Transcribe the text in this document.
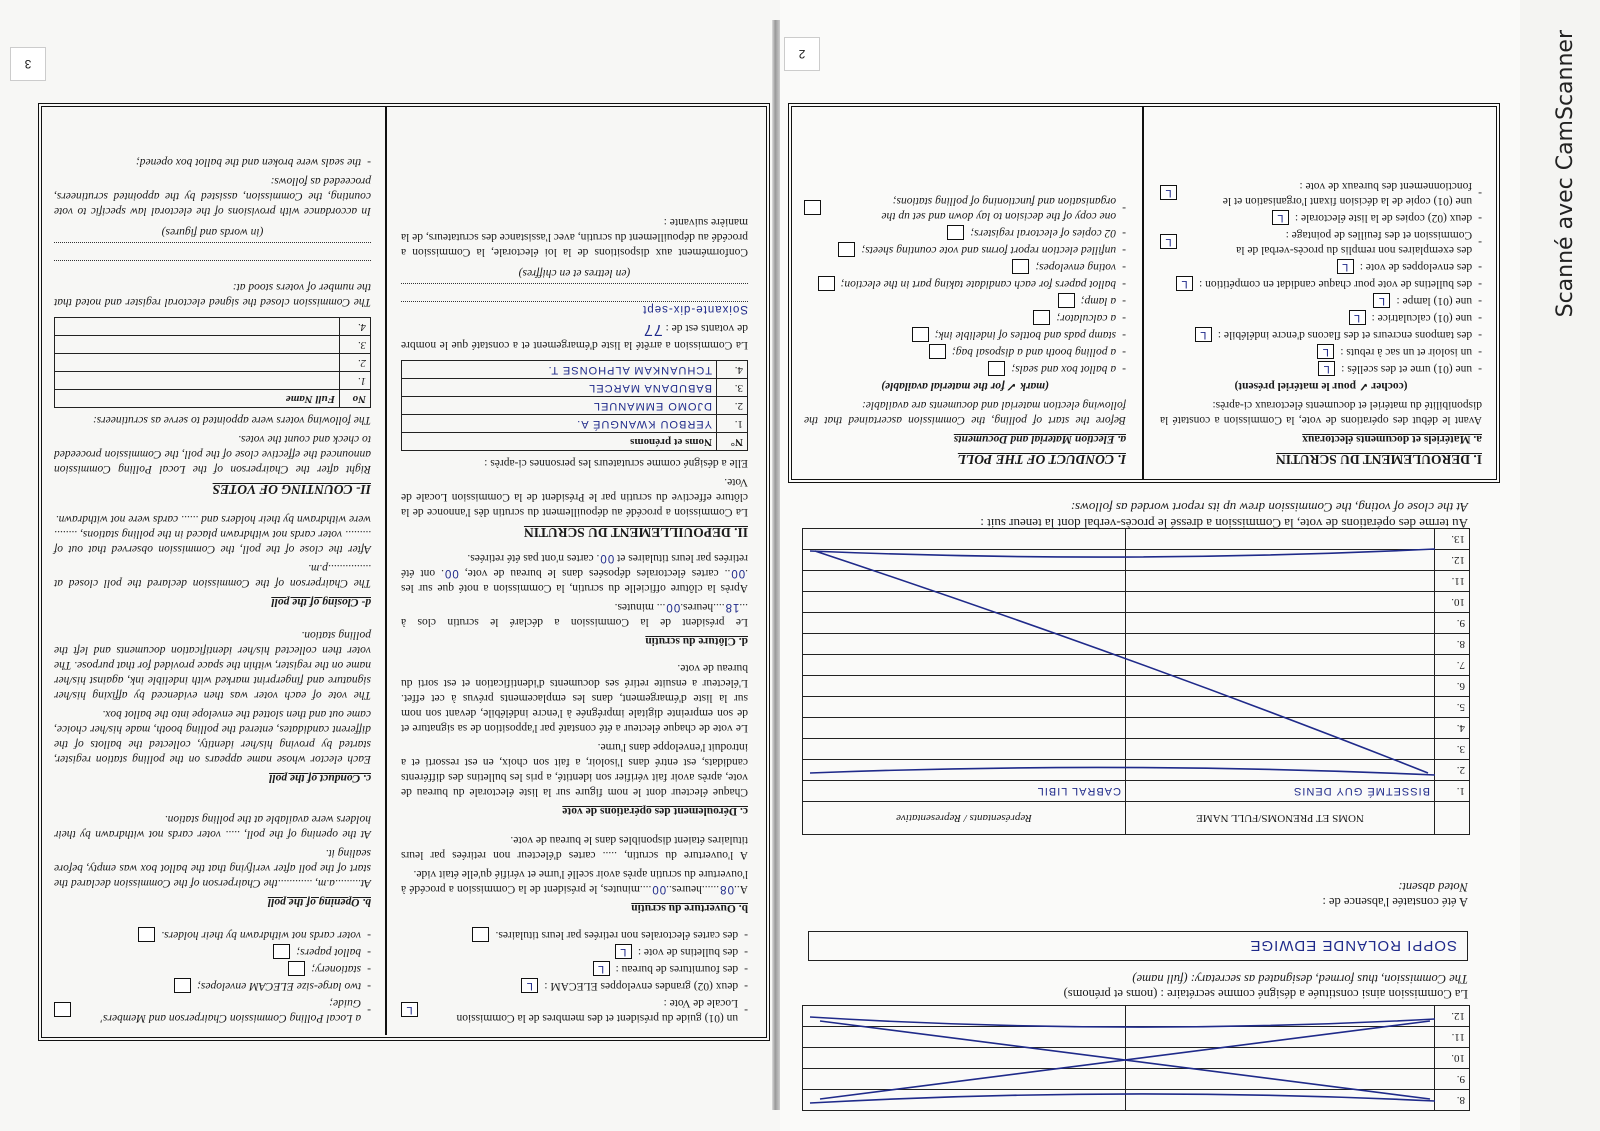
Scanné avec CamScanner
3
- a Local Polling Commission Chairperson and Members' Guide;
- two large-size ELECAM envelopes;
- stationery;
- ballot papers;
- voter cards not withdrawn by their holders.
b. Opening of the poll
At.........a.m, ............the Chairperson of the Commission declared the start of the poll after verifying that the ballot box was empty, before sealing it.
At the opening of the poll, ..... voter cards not withdrawn by their holders were available at the polling station.
c. Conduct of the poll
Each elector whose name appears on the polling station register, started by proving his/her identity, collected the ballots of the different candidates, entered the polling booth, made his/her choice, came out and then slotted the envelope into the ballot box.
The vote of each voter was then evidenced by affixing his/her signature and fingerprint marked with indelible ink, against his/her name on the register, within the space provided for that purpose. The voter then collected his/her identification documents and left the polling station.
d- Closing of the poll
The Chairperson of the Commission declared the poll closed at ...............p.m.
After the close of the poll, the Commission observed that out of ......... voter cards not withdrawn placed in the polling stations, ........ were withdrawn by their holders and ...... cards were not withdrawn.
II- COUNTING OF VOTES
Right after the Chairperson of the Local Polling Commission announced the effective close of the poll, the Commission proceeded to check and count the votes.
The following voters were appointed to serve as scrutineers:
No	Full Name
1.	
2.	
3.	
4.	
The Commission closed the signed electoral register and noted that the number of voters stood at:
(in words and figures)
In accordance with provisions of the electoral law specific to vote counting, the Commission, assisted by the appointed scrutineers, proceeded as follows:
- the seals were broken and the ballot box opened;
- un (01) guide du président et des membres de la Commission Locale de Vote :
L
- deux (02) grandes enveloppes ELECAM :
L
- des fournitures de bureau :
L
- des bulletins de vote :
L
- des cartes électorales non retirées par leurs titulaires.
b. Ouverture du scrutin
A..08......heures..00....minutes, le président de la Commission a procédé à l'ouverture du scrutin après avoir scellé l'urne et vérifié qu'elle était vide.
A l'ouverture du scrutin, ..... cartes d'électeur non retirées par leurs titulaires étaient disponibles dans le bureau de vote.
c. Déroulement des opérations de vote
Chaque électeur dont le nom figure sur la liste électorale du bureau de vote, après avoir fait vérifier son identité, a pris les bulletins des différents candidats, est entré dans l'isoloir, a fait son choix, en est ressorti et a introduit l'enveloppe dans l'urne.
Le vote de chaque électeur a été constaté par l'apposition de sa signature et de son empreinte digitale imprégnée à l'encre indélébile, devant son nom sur la liste d'émargement, dans les emplacements prévus à cet effet. L'électeur a ensuite retiré ses documents d'identification et est sorti du bureau de vote.
d. Clôture du scrutin
Le président de la Commission a déclaré le scrutin clos à ...18....heures.00... minutes.
Après la clôture officielle du scrutin, la Commission a noté que sur les .00.. cartes électorales déposées dans le bureau de vote, 00. ont été retirées par leurs titulaires et 00. cartes n'ont pas été retirées.
II. DEPOUILLEMENT DU SCRUTIN
La Commission a procédé au dépouillement du scrutin dès l'annonce de la clôture effective du scrutin par le Président de la Commission Locale de Vote.
Elle a désigné comme scrutateurs les personnes ci-après :
N°	Noms et prénoms
1.	YERBOU KWANGUÉ A.
2.	DJOMO EMMANUEL
3.	BABUDANA MARCEL
4.	TCHUANKAM ALPHONSE T.
La Commission a arrêté la liste d'émargement et a constaté que le nombre de votants est de : 77
Soixante-dix-sept
(en lettres et en chiffres)
Conformément aux dispositions de la loi électorale, la Commission a procédé au dépouillement du scrutin, avec l'assistance des scrutateurs, de la manière suivante :
2
8.		
9.		
10.		
11.		
12.		
La Commission ainsi constituée a désigné comme secrétaire : (noms et prénoms)
The Commission, thus formed, designated as secretary: (full name)
SOPPI ROLANDE EDWIGE
A été constatée l'absence de :
Noted absent:
	NOMS ET PRENOMS/FULL NAME	Représentants / Representative
1.	BISSETMÉ GUY DENIS	CABRAL LIBIL
2.		
3.		
4.		
5.		
6.		
7.		
8.		
9.		
10.		
11.		
12.		
13.		
Au terme des opérations de vote, la Commission a dressé le procès-verbal dont la teneur suit :
At the close of voting, the Commission drew up its report worded as follows:
I. DEROULEMENT DU SCRUTIN
a. Matériels et documents électoraux
Avant le début des opérations de vote, la Commission a constaté la disponibilité du matériel et documents électoraux ci-après:
(cocher ✓ pour le matériel présent)
- une (01) urne et des scellés :
L
- un isoloir et un sac à rebuts :
L
- des tampons encreurs et des flacons d'encre indélébile :
L
- une (01) calculatrice :
L
- une (01) lampe :
L
- des bulletins de vote pour chaque candidat en compétition :
L
- des enveloppes de vote :
L
- des exemplaires non remplis du procès-verbal de la Commission et des feuilles de pointage :
L
- deux (02) copies de la liste électorale :
L
- une (01) copie de la décision fixant l'organisation et le fonctionnement des bureaux de vote :
L
I. CONDUCT OF THE POLL
a. Election Material and Documents
Before the start of polling, the Commission ascertained that the following election material and documents are available:
(mark ✓ for the material available)
- a ballot box and seals;
- a polling booth and a disposal bag;
- stamp pads and bottles of indelible ink;
- a calculator;
- a lamp;
- ballot papers for each candidate taking part in the election;
- voting envelopes;
- unfilled election report forms and vote counting sheets;
- 02 copies of electoral registers;
- one copy of the decision to lay down and set up the organisation and functioning of polling stations;
